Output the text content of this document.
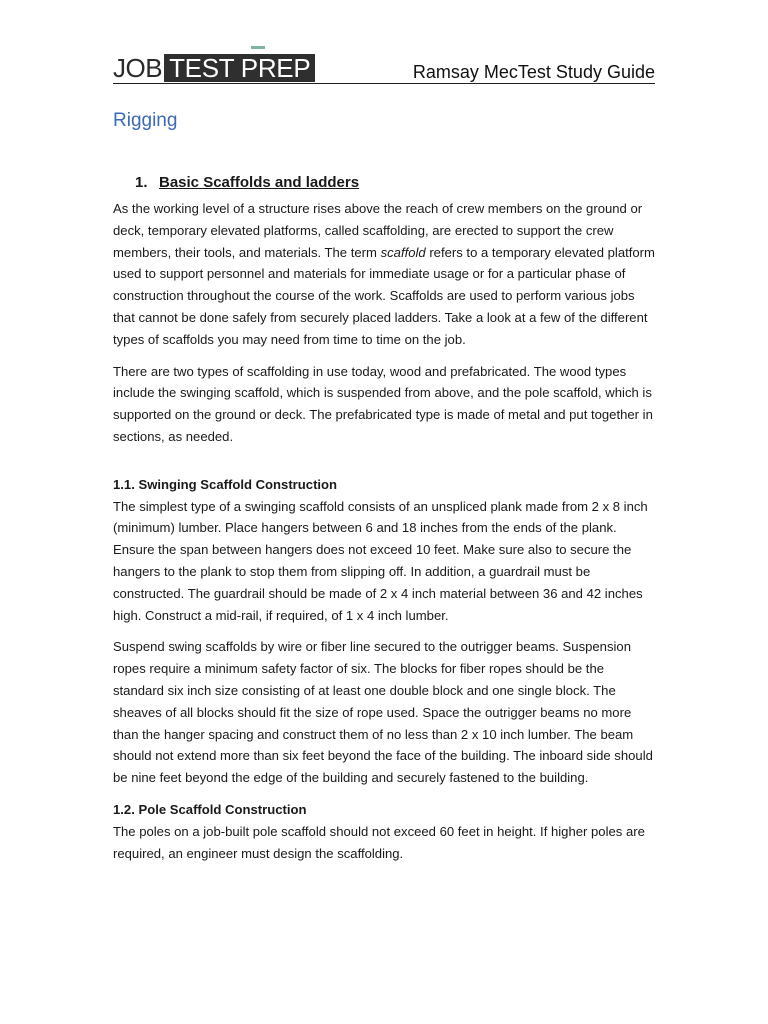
JOB TEST PREP	Ramsay MecTest Study Guide
Rigging
1. Basic Scaffolds and ladders

As the working level of a structure rises above the reach of crew members on the ground or deck, temporary elevated platforms, called scaffolding, are erected to support the crew members, their tools, and materials. The term scaffold refers to a temporary elevated platform used to support personnel and materials for immediate usage or for a particular phase of construction throughout the course of the work. Scaffolds are used to perform various jobs that cannot be done safely from securely placed ladders. Take a look at a few of the different types of scaffolds you may need from time to time on the job.

There are two types of scaffolding in use today, wood and prefabricated. The wood types include the swinging scaffold, which is suspended from above, and the pole scaffold, which is supported on the ground or deck. The prefabricated type is made of metal and put together in sections, as needed.

1.1. Swinging Scaffold Construction

The simplest type of a swinging scaffold consists of an unspliced plank made from 2 x 8 inch (minimum) lumber. Place hangers between 6 and 18 inches from the ends of the plank. Ensure the span between hangers does not exceed 10 feet. Make sure also to secure the hangers to the plank to stop them from slipping off. In addition, a guardrail must be constructed. The guardrail should be made of 2 x 4 inch material between 36 and 42 inches high. Construct a mid-rail, if required, of 1 x 4 inch lumber.

Suspend swing scaffolds by wire or fiber line secured to the outrigger beams. Suspension ropes require a minimum safety factor of six. The blocks for fiber ropes should be the standard six inch size consisting of at least one double block and one single block. The sheaves of all blocks should fit the size of rope used. Space the outrigger beams no more than the hanger spacing and construct them of no less than 2 x 10 inch lumber. The beam should not extend more than six feet beyond the face of the building. The inboard side should be nine feet beyond the edge of the building and securely fastened to the building.

1.2. Pole Scaffold Construction

The poles on a job-built pole scaffold should not exceed 60 feet in height. If higher poles are required, an engineer must design the scaffolding.
